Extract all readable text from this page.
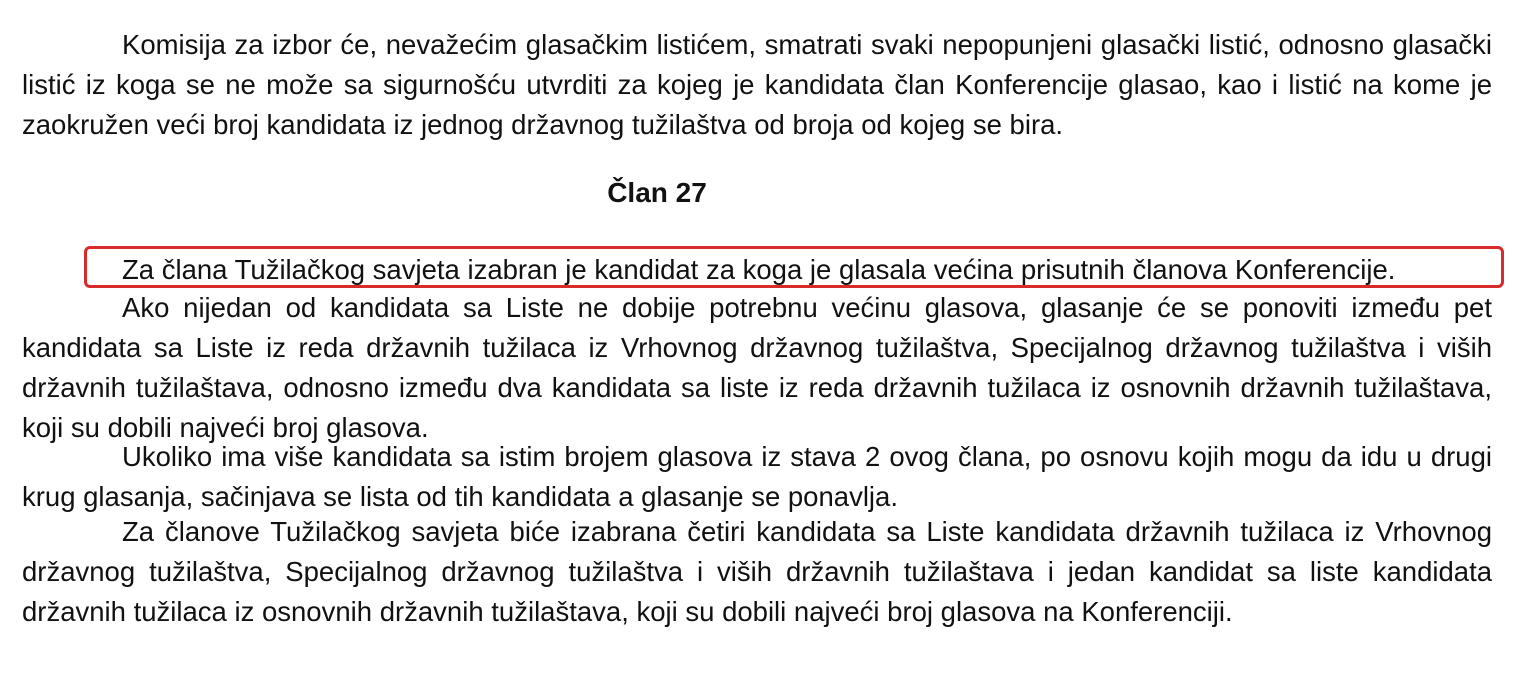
Komisija za izbor će, nevažećim glasačkim listićem, smatrati svaki nepopunjeni glasački listić, odnosno glasački listić iz koga se ne može sa sigurnošću utvrditi za kojeg je kandidata član Konferencije glasao, kao i listić na kome je zaokružen veći broj kandidata iz jednog državnog tužilaštva od broja od kojeg se bira.

Član 27

Za člana Tužilačkog savjeta izabran je kandidat za koga je glasala većina prisutnih članova Konferencije.

Ako nijedan od kandidata sa Liste ne dobije potrebnu većinu glasova, glasanje će se ponoviti između pet kandidata sa Liste iz reda državnih tužilaca iz Vrhovnog državnog tužilaštva, Specijalnog državnog tužilaštva i viših državnih tužilaštava, odnosno između dva kandidata sa liste iz reda državnih tužilaca iz osnovnih državnih tužilaštava, koji su dobili najveći broj glasova.

Ukoliko ima više kandidata sa istim brojem glasova iz stava 2 ovog člana, po osnovu kojih mogu da idu u drugi krug glasanja, sačinjava se lista od tih kandidata a glasanje se ponavlja.

Za članove Tužilačkog savjeta biće izabrana četiri kandidata sa Liste kandidata državnih tužilaca iz Vrhovnog državnog tužilaštva, Specijalnog državnog tužilaštva i viših državnih tužilaštava i jedan kandidat sa liste kandidata državnih tužilaca iz osnovnih državnih tužilaštava, koji su dobili najveći broj glasova na Konferenciji.
